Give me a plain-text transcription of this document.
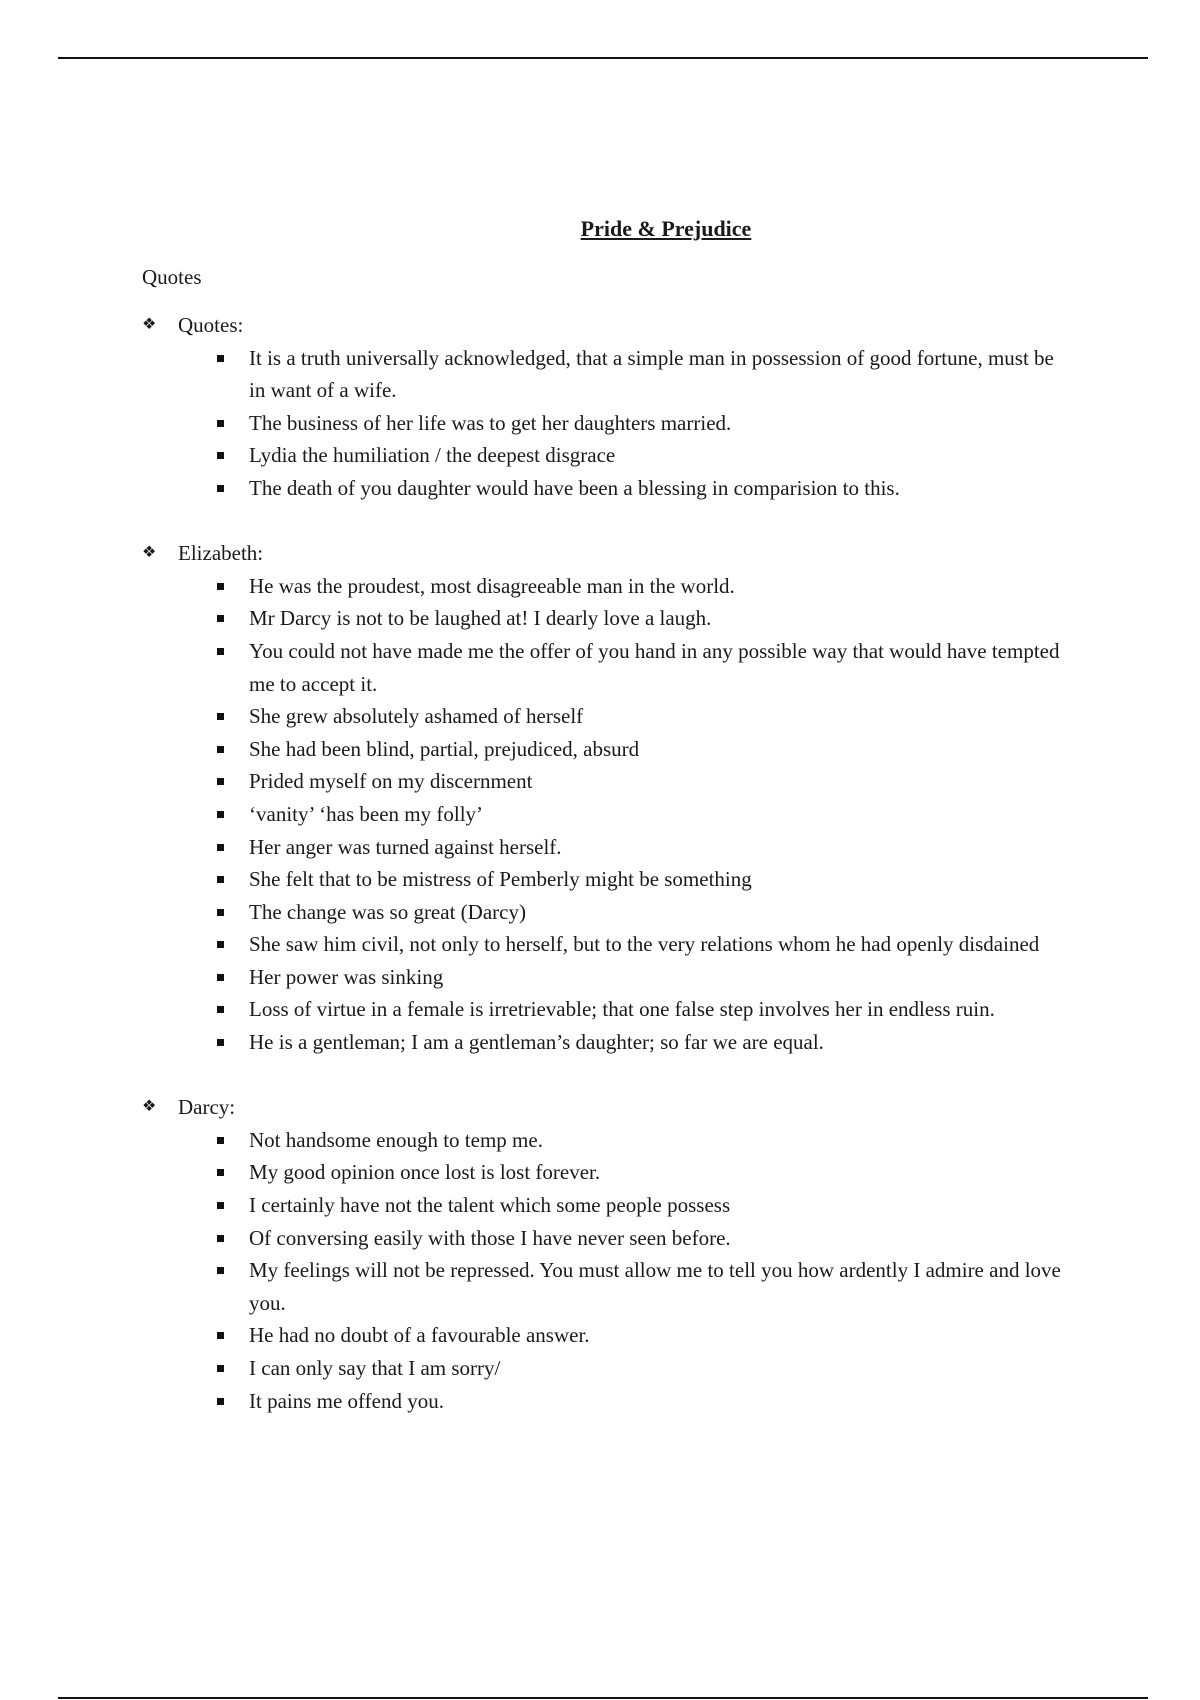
Pride & Prejudice
Quotes
❖	Quotes:
It is a truth universally acknowledged, that a simple man in possession of good fortune, must be in want of a wife.
The business of her life was to get her daughters married.
Lydia the humiliation / the deepest disgrace
The death of you daughter would have been a blessing in comparision to this.
❖	Elizabeth:
He was the proudest, most disagreeable man in the world.
Mr Darcy is not to be laughed at! I dearly love a laugh.
You could not have made me the offer of you hand in any possible way that would have tempted me to accept it.
She grew absolutely ashamed of herself
She had been blind, partial, prejudiced, absurd
Prided myself on my discernment
‘vanity’ ‘has been my folly’
Her anger was turned against herself.
She felt that to be mistress of Pemberly might be something
The change was so great (Darcy)
She saw him civil, not only to herself, but to the very relations whom he had openly disdained
Her power was sinking
Loss of virtue in a female is irretrievable; that one false step involves her in endless ruin.
He is a gentleman; I am a gentleman’s daughter; so far we are equal.
❖	Darcy:
Not handsome enough to temp me.
My good opinion once lost is lost forever.
I certainly have not the talent which some people possess
Of conversing easily with those I have never seen before.
My feelings will not be repressed. You must allow me to tell you how ardently I admire and love you.
He had no doubt of a favourable answer.
I can only say that I am sorry/
It pains me offend you.
